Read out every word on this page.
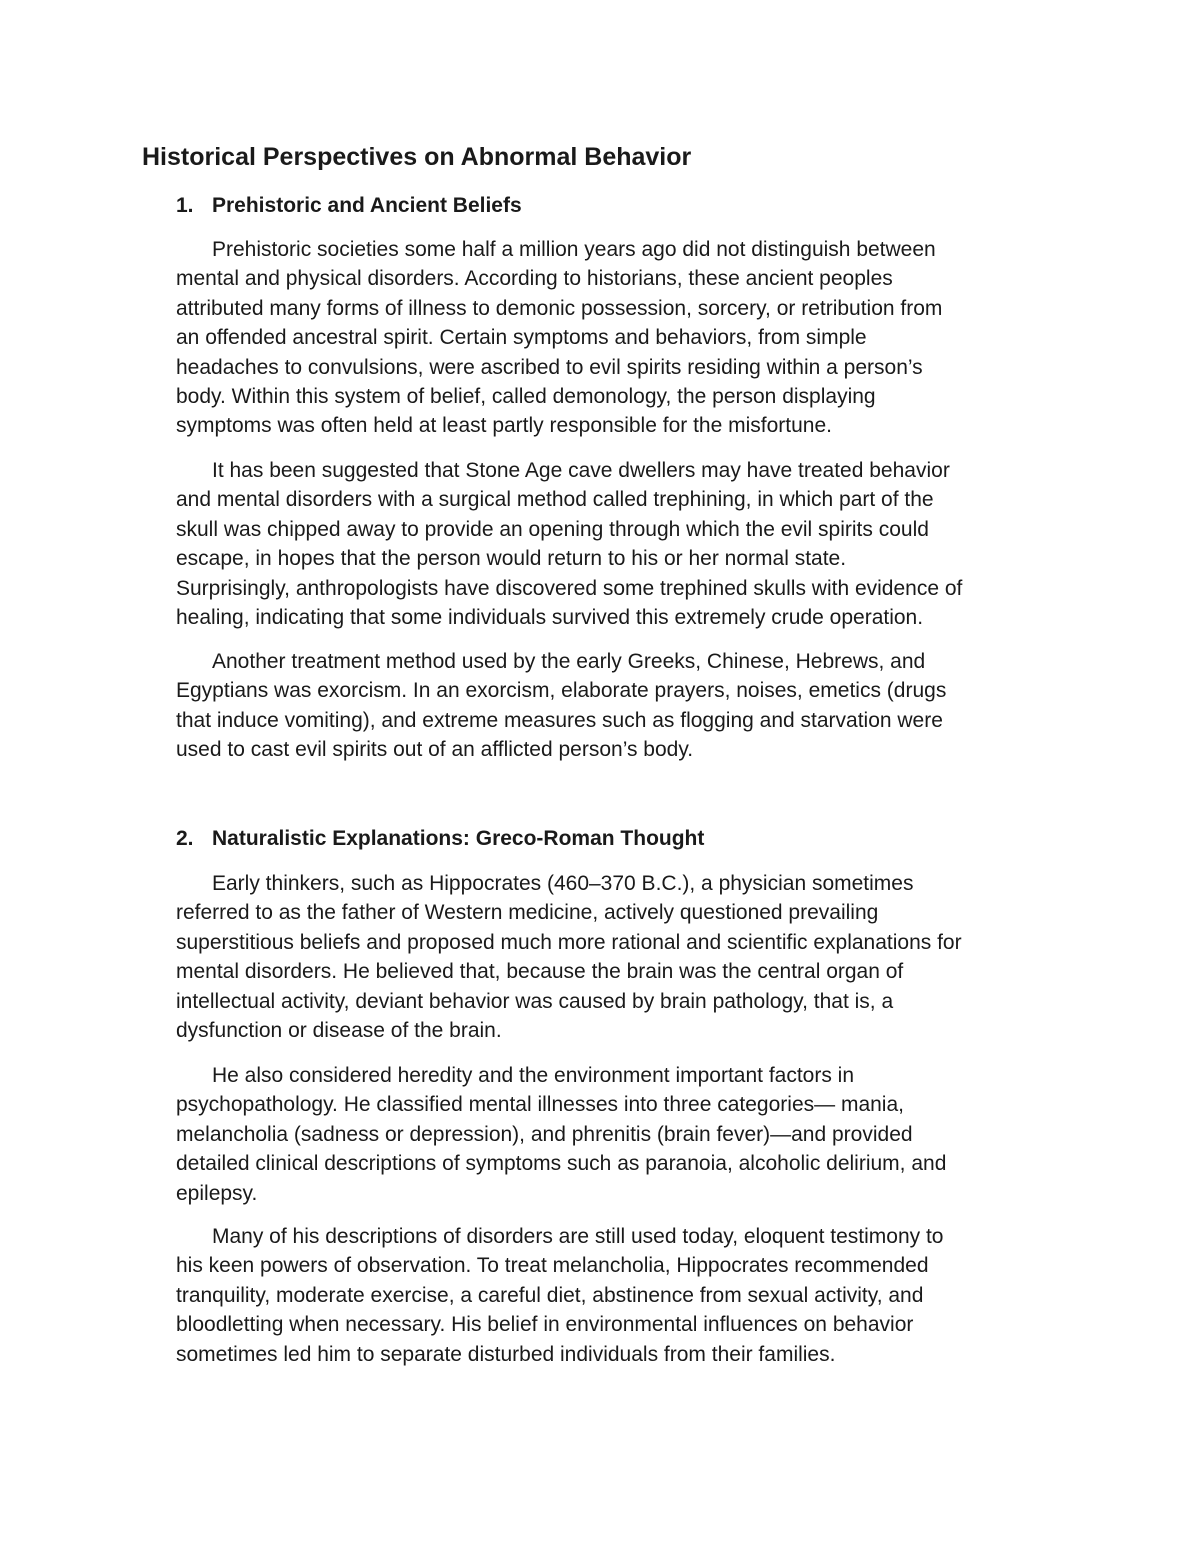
Historical Perspectives on Abnormal Behavior
1. Prehistoric and Ancient Beliefs
Prehistoric societies some half a million years ago did not distinguish between
mental and physical disorders. According to historians, these ancient peoples
attributed many forms of illness to demonic possession, sorcery, or retribution from
an offended ancestral spirit. Certain symptoms and behaviors, from simple
headaches to convulsions, were ascribed to evil spirits residing within a person’s
body. Within this system of belief, called demonology, the person displaying
symptoms was often held at least partly responsible for the misfortune.
It has been suggested that Stone Age cave dwellers may have treated behavior
and mental disorders with a surgical method called trephining, in which part of the
skull was chipped away to provide an opening through which the evil spirits could
escape, in hopes that the person would return to his or her normal state.
Surprisingly, anthropologists have discovered some trephined skulls with evidence of
healing, indicating that some individuals survived this extremely crude operation.
Another treatment method used by the early Greeks, Chinese, Hebrews, and
Egyptians was exorcism. In an exorcism, elaborate prayers, noises, emetics (drugs
that induce vomiting), and extreme measures such as flogging and starvation were
used to cast evil spirits out of an afflicted person’s body.
2. Naturalistic Explanations: Greco-Roman Thought
Early thinkers, such as Hippocrates (460–370 B.C.), a physician sometimes
referred to as the father of Western medicine, actively questioned prevailing
superstitious beliefs and proposed much more rational and scientific explanations for
mental disorders. He believed that, because the brain was the central organ of
intellectual activity, deviant behavior was caused by brain pathology, that is, a
dysfunction or disease of the brain.
He also considered heredity and the environment important factors in
psychopathology. He classified mental illnesses into three categories— mania,
melancholia (sadness or depression), and phrenitis (brain fever)—and provided
detailed clinical descriptions of symptoms such as paranoia, alcoholic delirium, and
epilepsy.
Many of his descriptions of disorders are still used today, eloquent testimony to
his keen powers of observation. To treat melancholia, Hippocrates recommended
tranquility, moderate exercise, a careful diet, abstinence from sexual activity, and
bloodletting when necessary. His belief in environmental influences on behavior
sometimes led him to separate disturbed individuals from their families.
